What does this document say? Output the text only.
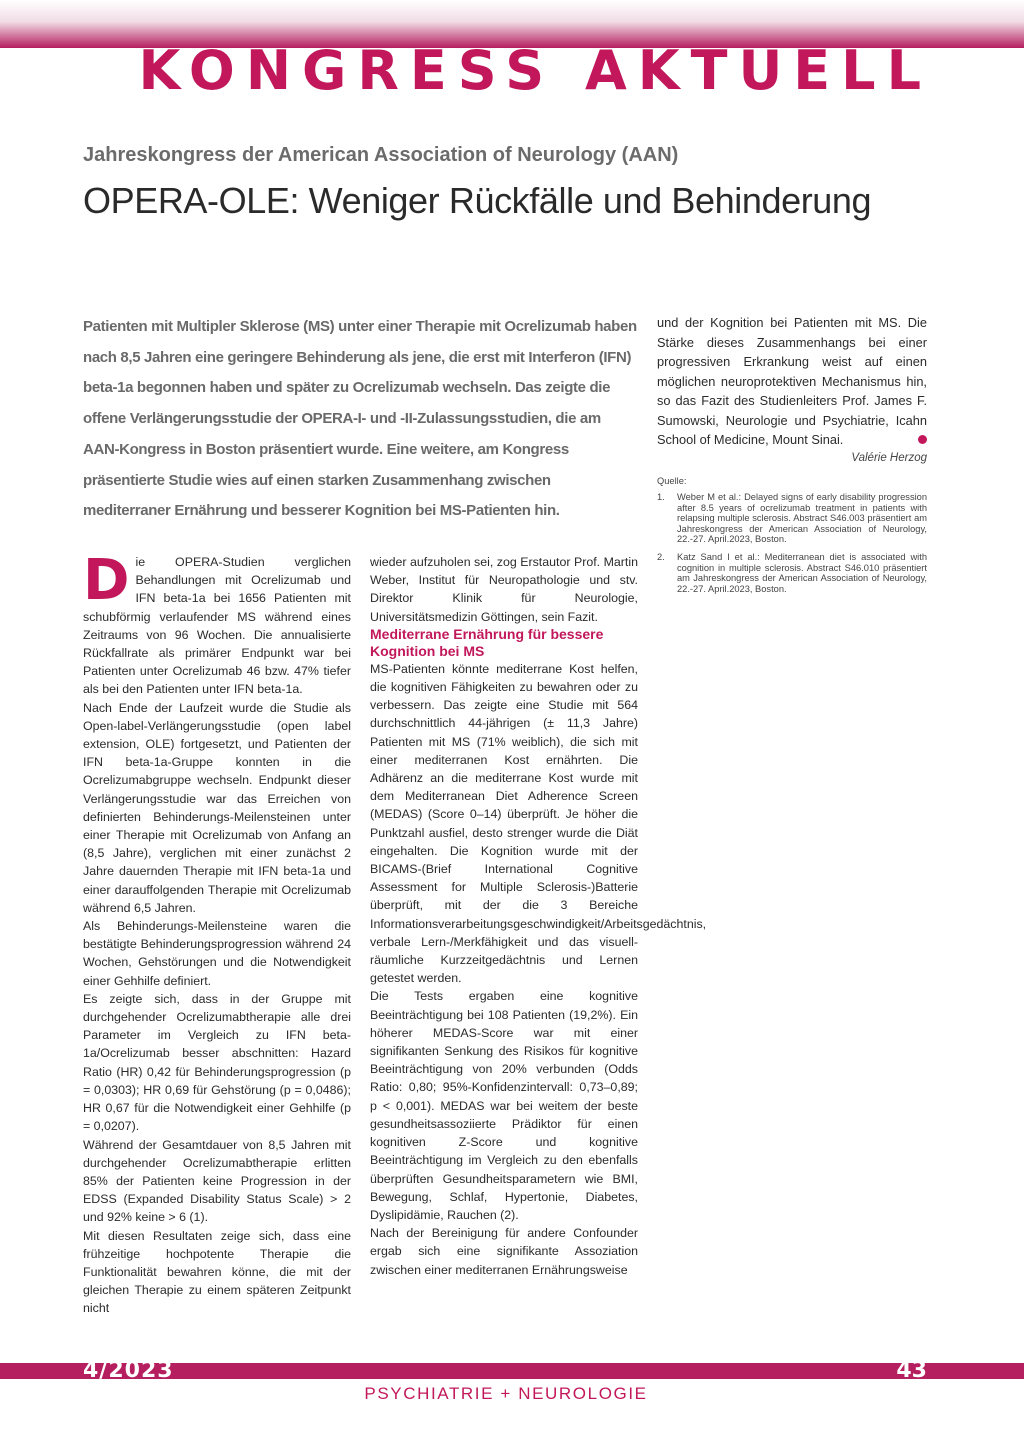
KONGRESS AKTUELL
Jahreskongress der American Association of Neurology (AAN)
OPERA-OLE: Weniger Rückfälle und Behinderung
Patienten mit Multipler Sklerose (MS) unter einer Therapie mit Ocrelizumab haben nach 8,5 Jahren eine geringere Behinderung als jene, die erst mit Interferon (IFN) beta-1a begonnen haben und später zu Ocrelizumab wechseln. Das zeigte die offene Verlängerungsstudie der OPERA-I- und -II-Zulassungsstudien, die am AAN-Kongress in Boston präsentiert wurde. Eine weitere, am Kongress präsentierte Studie wies auf einen starken Zusammenhang zwischen mediterraner Ernährung und besserer Kognition bei MS-Patienten hin.

Die OPERA-Studien verglichen Behandlungen mit Ocrelizumab und IFN beta-1a bei 1656 Patienten mit schubförmig verlaufender MS während eines Zeitraums von 96 Wochen. Die annualisierte Rückfallrate als primärer Endpunkt war bei Patienten unter Ocrelizumab 46 bzw. 47% tiefer als bei den Patienten unter IFN beta-1a.

Nach Ende der Laufzeit wurde die Studie als Open-label-Verlängerungsstudie (open label extension, OLE) fortgesetzt, und Patienten der IFN beta-1a-Gruppe konnten in die Ocrelizumabgruppe wechseln. Endpunkt dieser Verlängerungsstudie war das Erreichen von definierten Behinderungs-Meilensteinen unter einer Therapie mit Ocrelizumab von Anfang an (8,5 Jahre), verglichen mit einer zunächst 2 Jahre dauernden Therapie mit IFN beta-1a und einer darauffolgenden Therapie mit Ocrelizumab während 6,5 Jahren.

Als Behinderungs-Meilensteine waren die bestätigte Behinderungsprogression während 24 Wochen, Gehstörungen und die Notwendigkeit einer Gehhilfe definiert.

Es zeigte sich, dass in der Gruppe mit durchgehender Ocrelizumabtherapie alle drei Parameter im Vergleich zu IFN beta-1a/Ocrelizumab besser abschnitten: Hazard Ratio (HR) 0,42 für Behinderungsprogression (p = 0,0303); HR 0,69 für Gehstörung (p = 0,0486); HR 0,67 für die Notwendigkeit einer Gehhilfe (p = 0,0207).

Während der Gesamtdauer von 8,5 Jahren mit durchgehender Ocrelizumabtherapie erlitten 85% der Patienten keine Progression in der EDSS (Expanded Disability Status Scale) > 2 und 92% keine > 6 (1).

Mit diesen Resultaten zeige sich, dass eine frühzeitige hochpotente Therapie die Funktionalität bewahren könne, die mit der gleichen Therapie zu einem späteren Zeitpunkt nicht

wieder aufzuholen sei, zog Erstautor Prof. Martin Weber, Institut für Neuropathologie und stv. Direktor Klinik für Neurologie, Universitätsmedizin Göttingen, sein Fazit.

Mediterrane Ernährung für bessere Kognition bei MS

MS-Patienten könnte mediterrane Kost helfen, die kognitiven Fähigkeiten zu bewahren oder zu verbessern. Das zeigte eine Studie mit 564 durchschnittlich 44-jährigen (± 11,3 Jahre) Patienten mit MS (71% weiblich), die sich mit einer mediterranen Kost ernährten. Die Adhärenz an die mediterrane Kost wurde mit dem Mediterranean Diet Adherence Screen (MEDAS) (Score 0–14) überprüft. Je höher die Punktzahl ausfiel, desto strenger wurde die Diät eingehalten. Die Kognition wurde mit der BICAMS-(Brief International Cognitive Assessment for Multiple Sclerosis-)Batterie überprüft, mit der die 3 Bereiche Informationsverarbeitungsgeschwindigkeit/Arbeitsgedächtnis, verbale Lern-/Merkfähigkeit und das visuell-räumliche Kurzzeitgedächtnis und Lernen getestet werden.

Die Tests ergaben eine kognitive Beeinträchtigung bei 108 Patienten (19,2%). Ein höherer MEDAS-Score war mit einer signifikanten Senkung des Risikos für kognitive Beeinträchtigung von 20% verbunden (Odds Ratio: 0,80; 95%-Konfidenzintervall: 0,73–0,89; p < 0,001). MEDAS war bei weitem der beste gesundheitsassoziierte Prädiktor für einen kognitiven Z-Score und kognitive Beeinträchtigung im Vergleich zu den ebenfalls überprüften Gesundheitsparametern wie BMI, Bewegung, Schlaf, Hypertonie, Diabetes, Dyslipidämie, Rauchen (2).

Nach der Bereinigung für andere Confounder ergab sich eine signifikante Assoziation zwischen einer mediterranen Ernährungsweise

und der Kognition bei Patienten mit MS. Die Stärke dieses Zusammenhangs bei einer progressiven Erkrankung weist auf einen möglichen neuroprotektiven Mechanismus hin, so das Fazit des Studienleiters Prof. James F. Sumowski, Neurologie und Psychiatrie, Icahn School of Medicine, Mount Sinai.

Valérie Herzog
Quelle:
1.	Weber M et al.: Delayed signs of early disability progression after 8.5 years of ocrelizumab treatment in patients with relapsing multiple sclerosis. Abstract S46.003 präsentiert am Jahreskongress der American Association of Neurology, 22.-27. April.2023, Boston.
2.	Katz Sand I et al.: Mediterranean diet is associated with cognition in multiple sclerosis. Abstract S46.010 präsentiert am Jahreskongress der American Association of Neurology, 22.-27. April.2023, Boston.
4/2023	43
PSYCHIATRIE + NEUROLOGIE
